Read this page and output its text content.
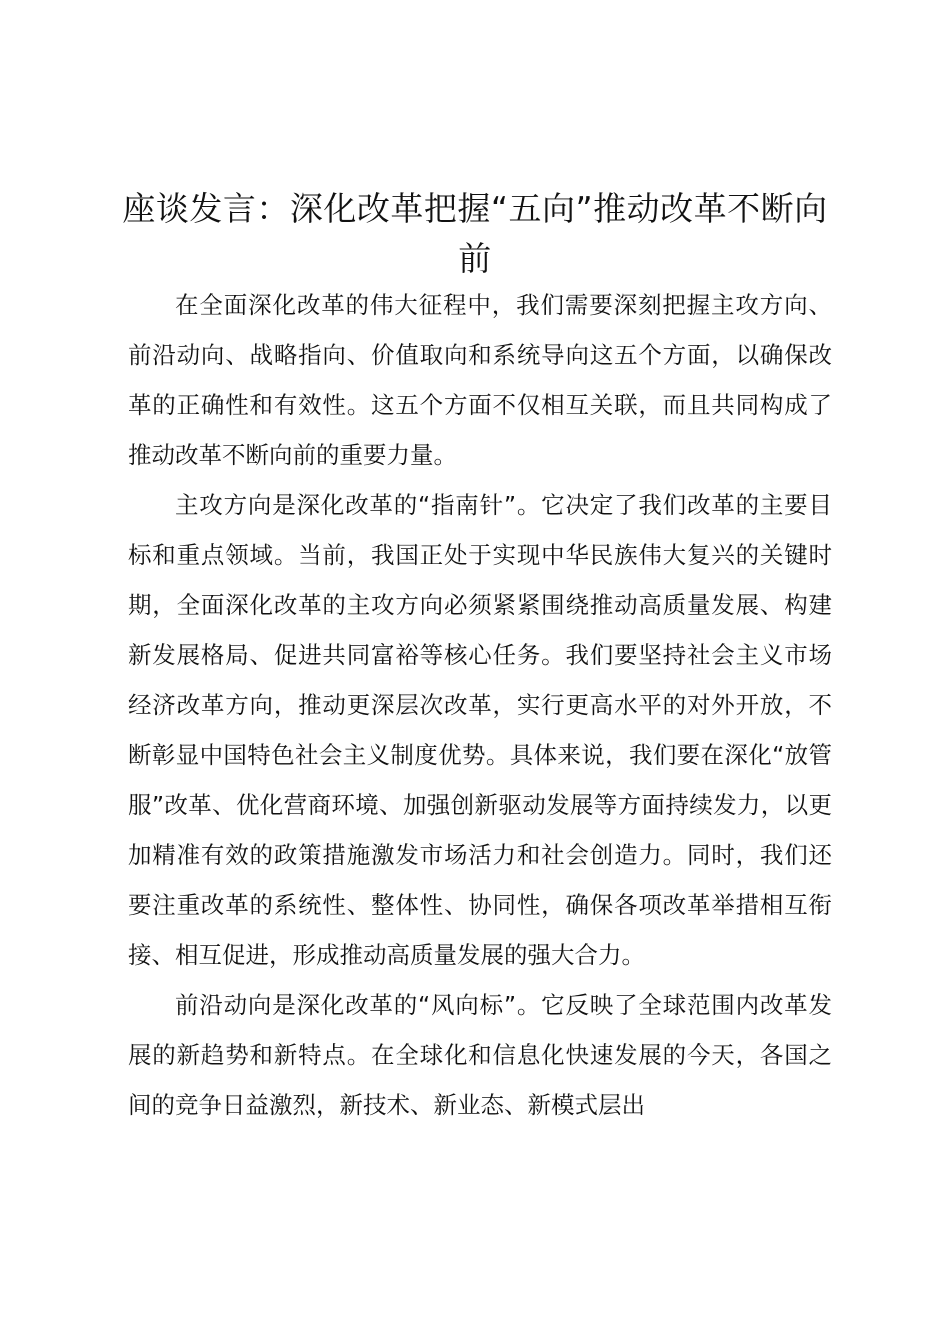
座谈发言：深化改革把握“五向”推动改革不断向前

在全面深化改革的伟大征程中，我们需要深刻把握主攻方向、前沿动向、战略指向、价值取向和系统导向这五个方面，以确保改革的正确性和有效性。这五个方面不仅相互关联，而且共同构成了推动改革不断向前的重要力量。

主攻方向是深化改革的“指南针”。它决定了我们改革的主要目标和重点领域。当前，我国正处于实现中华民族伟大复兴的关键时期，全面深化改革的主攻方向必须紧紧围绕推动高质量发展、构建新发展格局、促进共同富裕等核心任务。我们要坚持社会主义市场经济改革方向，推动更深层次改革，实行更高水平的对外开放，不断彰显中国特色社会主义制度优势。具体来说，我们要在深化“放管服”改革、优化营商环境、加强创新驱动发展等方面持续发力，以更加精准有效的政策措施激发市场活力和社会创造力。同时，我们还要注重改革的系统性、整体性、协同性，确保各项改革举措相互衔接、相互促进，形成推动高质量发展的强大合力。

前沿动向是深化改革的“风向标”。它反映了全球范围内改革发展的新趋势和新特点。在全球化和信息化快速发展的今天，各国之间的竞争日益激烈，新技术、新业态、新模式层出
